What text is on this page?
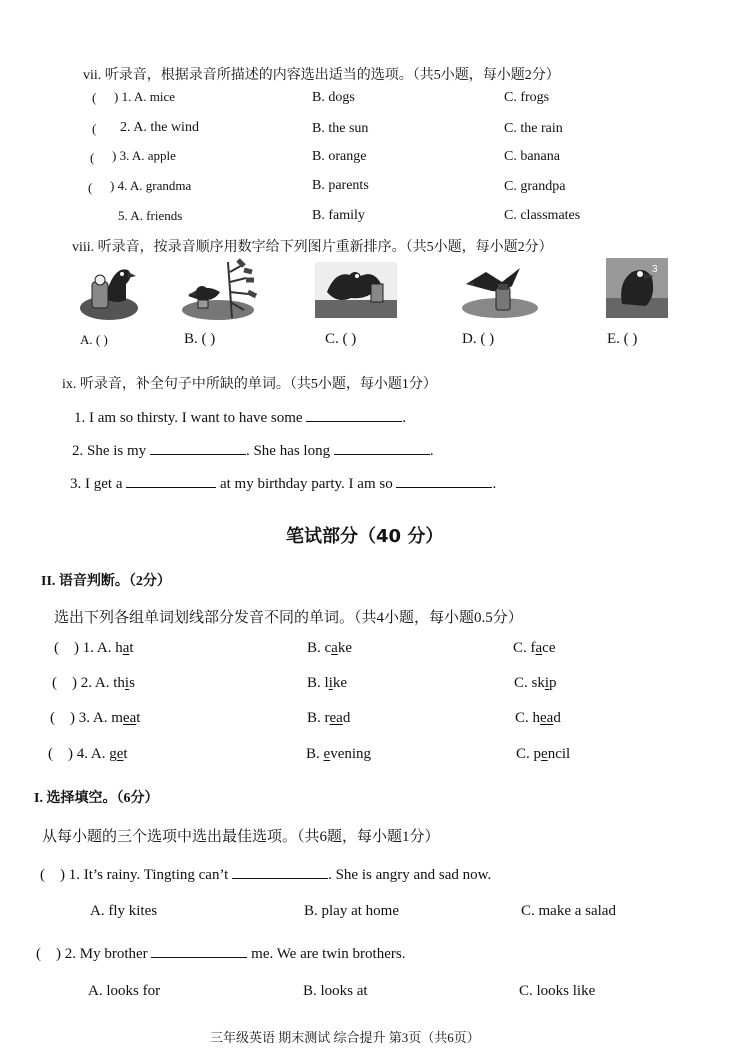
vii. 听录音，根据录音所描述的内容选出适当的选项。（共5小题，每小题2分）
( ) 1. A. mice	B. dogs	C. frogs
( 2. A. the wind	B. the sun	C. the rain
( ) 3. A. apple	B. orange	C. banana
( ) 4. A. grandma	B. parents	C. grandpa
5. A. friends	B. family	C. classmates
viii. 听录音，按录音顺序用数字给下列图片重新排序。（共5小题，每小题2分）
3
A. ( )	B. ( )	C. ( )	D. ( )	E. ( )
ix. 听录音，补全句子中所缺的单词。（共5小题，每小题1分）
1. I am so thirsty. I want to have some	.
2. She is my	. She has long	.
3. I get a	at my birthday party. I am so	.
笔试部分（40 分）
II. 语音判断。（2分）
选出下列各组单词划线部分发音不同的单词。（共4小题，每小题0.5分）
( ) 1. A. hat	B. cake	C. face
( ) 2. A. this	B. like	C. skip
( ) 3. A. meat	B. read	C. head
( ) 4. A. get	B. evening	C. pencil
I. 选择填空。（6分）
从每小题的三个选项中选出最佳选项。（共6题，每小题1分）
( ) 1. It’s rainy. Tingting can’t	. She is angry and sad now.
A. fly kites	B. play at home	C. make a salad
( ) 2. My brother	me. We are twin brothers.
A. looks for	B. looks at	C. looks like
三年级英语 期末测试 综合提升 第3页（共6页）
